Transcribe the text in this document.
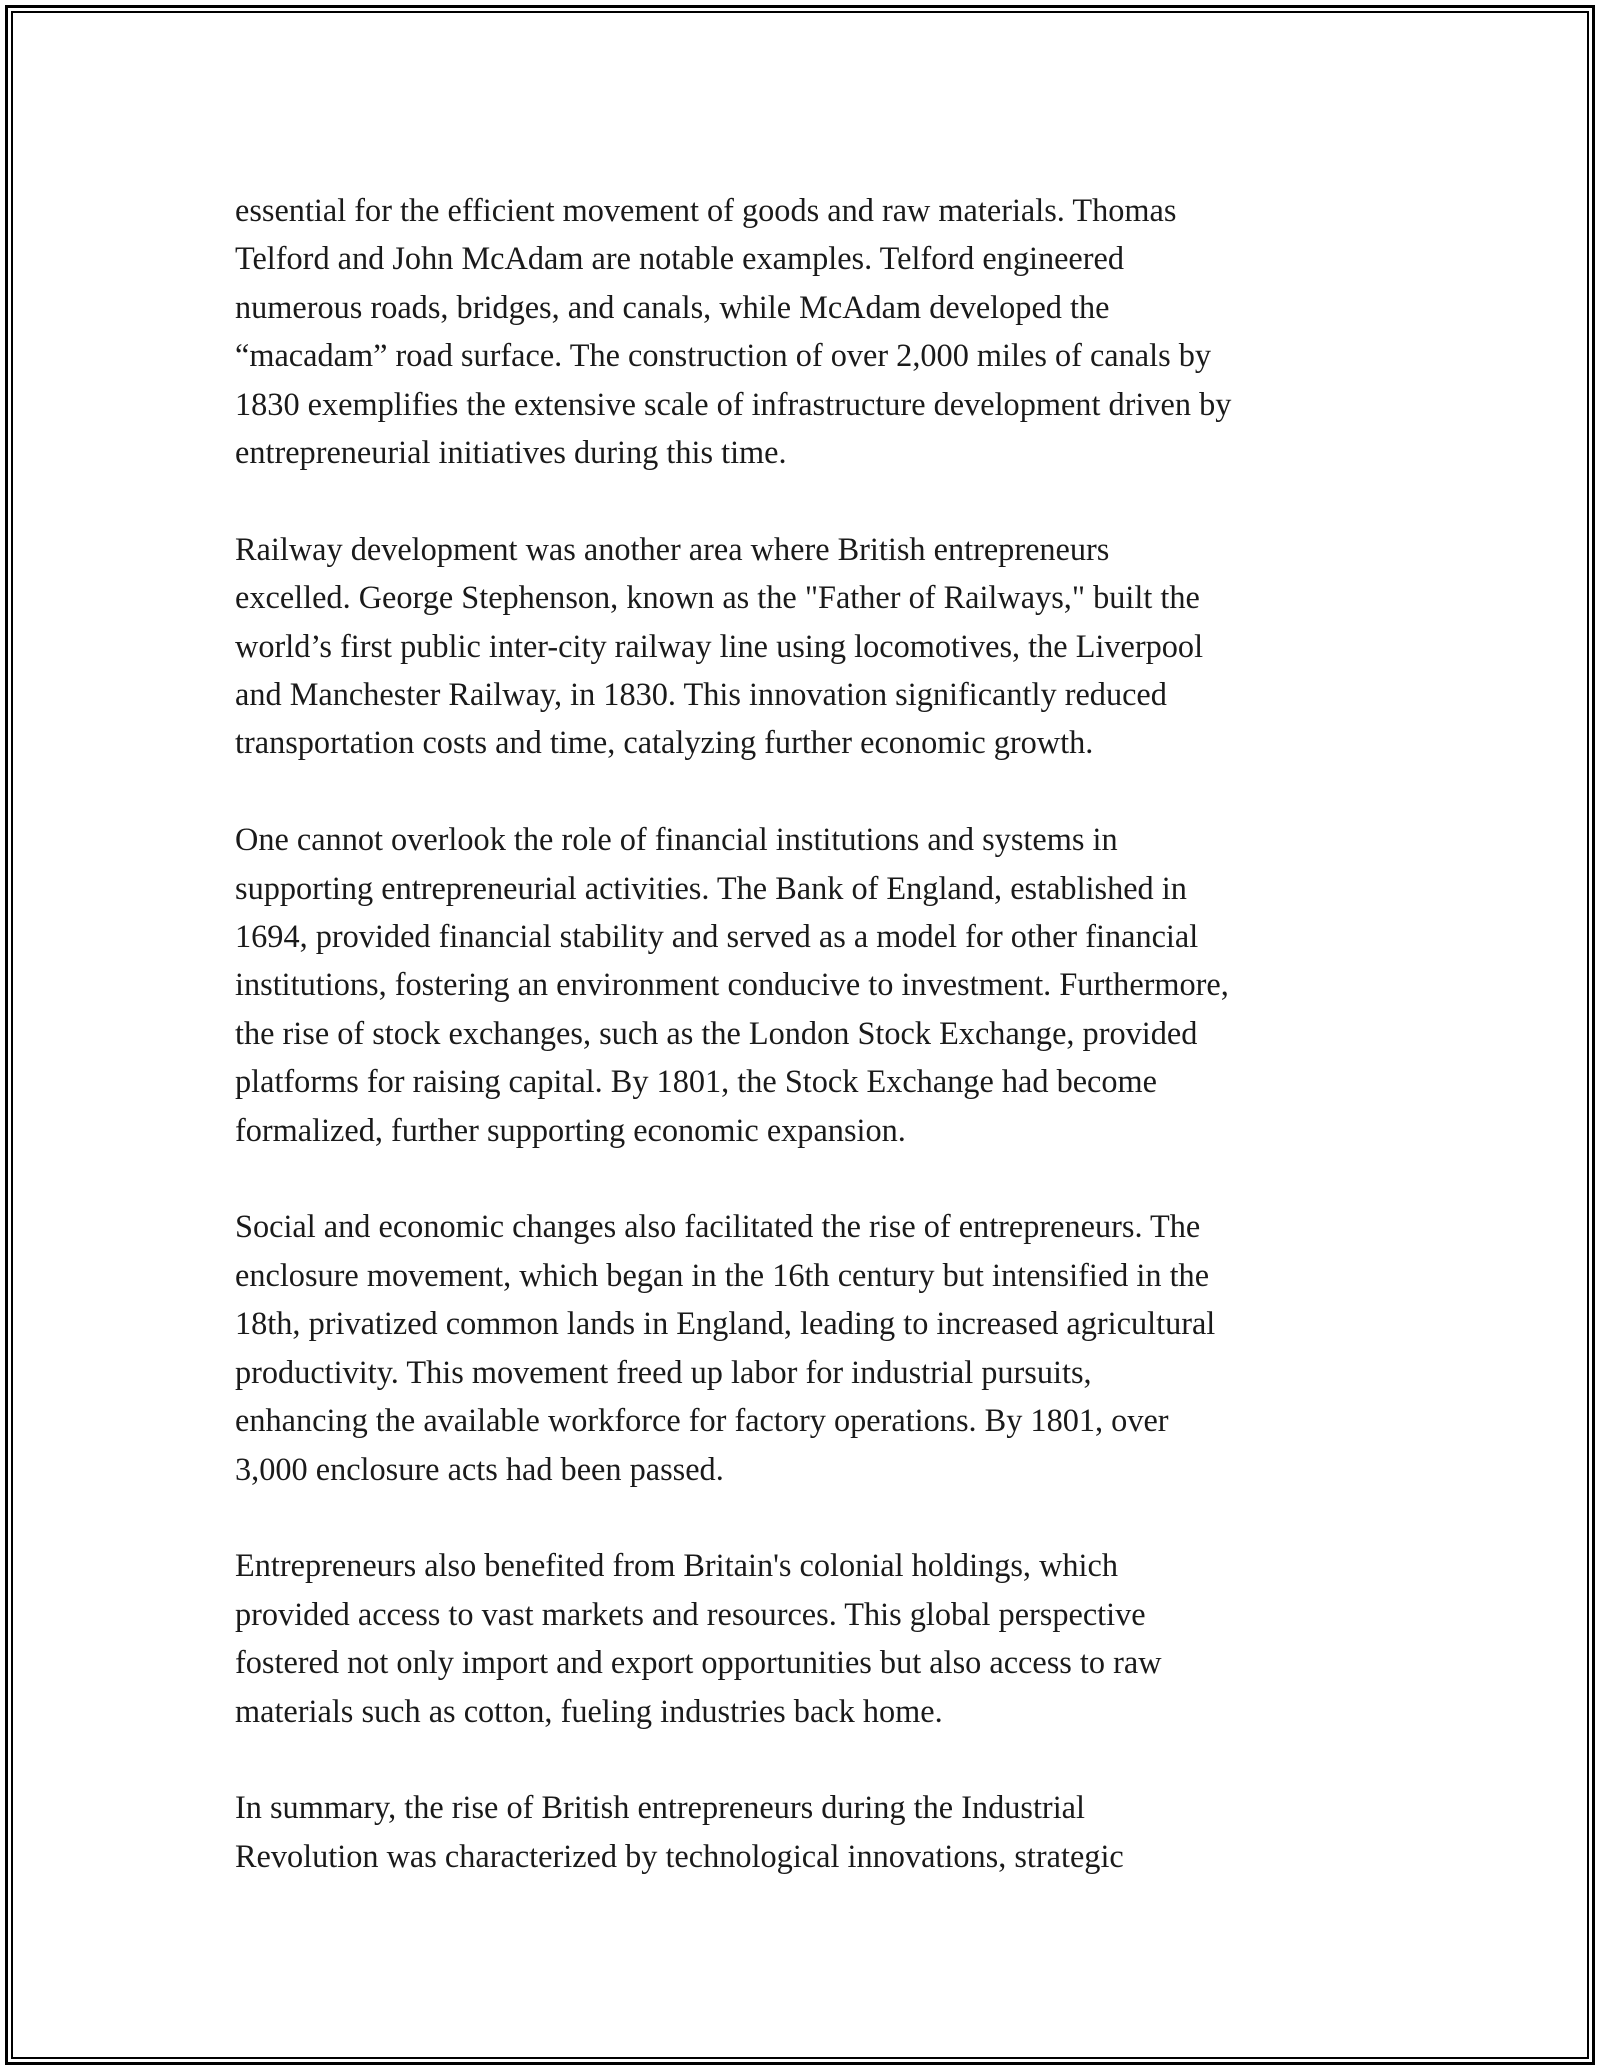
essential for the efficient movement of goods and raw materials. Thomas
Telford and John McAdam are notable examples. Telford engineered
numerous roads, bridges, and canals, while McAdam developed the
“macadam” road surface. The construction of over 2,000 miles of canals by
1830 exemplifies the extensive scale of infrastructure development driven by
entrepreneurial initiatives during this time.

Railway development was another area where British entrepreneurs
excelled. George Stephenson, known as the "Father of Railways," built the
world’s first public inter-city railway line using locomotives, the Liverpool
and Manchester Railway, in 1830. This innovation significantly reduced
transportation costs and time, catalyzing further economic growth.

One cannot overlook the role of financial institutions and systems in
supporting entrepreneurial activities. The Bank of England, established in
1694, provided financial stability and served as a model for other financial
institutions, fostering an environment conducive to investment. Furthermore,
the rise of stock exchanges, such as the London Stock Exchange, provided
platforms for raising capital. By 1801, the Stock Exchange had become
formalized, further supporting economic expansion.

Social and economic changes also facilitated the rise of entrepreneurs. The
enclosure movement, which began in the 16th century but intensified in the
18th, privatized common lands in England, leading to increased agricultural
productivity. This movement freed up labor for industrial pursuits,
enhancing the available workforce for factory operations. By 1801, over
3,000 enclosure acts had been passed.

Entrepreneurs also benefited from Britain's colonial holdings, which
provided access to vast markets and resources. This global perspective
fostered not only import and export opportunities but also access to raw
materials such as cotton, fueling industries back home.

In summary, the rise of British entrepreneurs during the Industrial
Revolution was characterized by technological innovations, strategic
